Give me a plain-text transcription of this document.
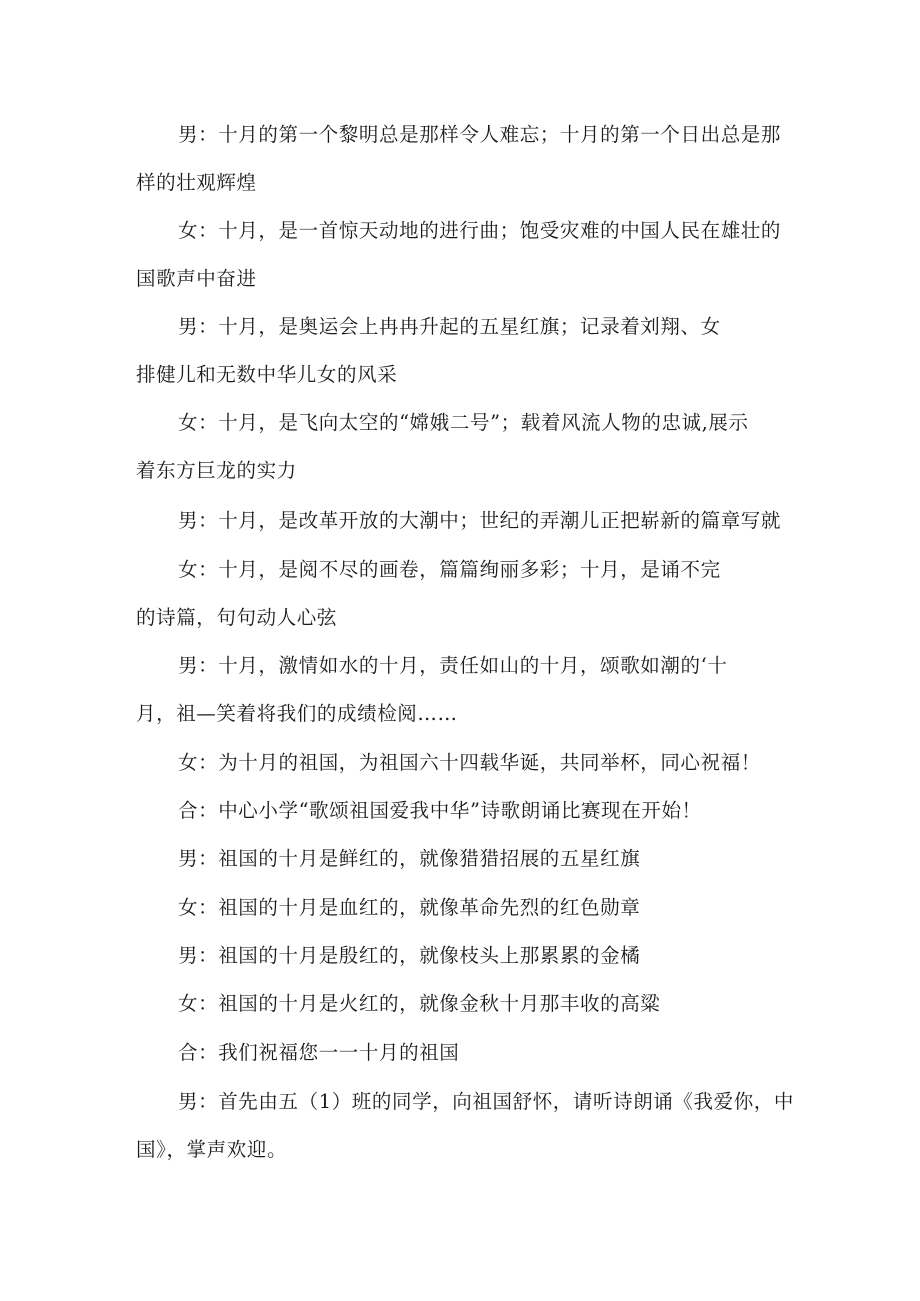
男：十月的第一个黎明总是那样令人难忘；十月的第一个日出总是那
样的壮观辉煌

女：十月，是一首惊天动地的进行曲；饱受灾难的中国人民在雄壮的
国歌声中奋进

男：十月，是奥运会上冉冉升起的五星红旗；记录着刘翔、女
排健儿和无数中华儿女的风采

女：十月，是飞向太空的“嫦娥二号”；载着风流人物的忠诚,展示
着东方巨龙的实力

男：十月，是改革开放的大潮中；世纪的弄潮儿正把崭新的篇章写就

女：十月，是阅不尽的画卷，篇篇绚丽多彩；十月，是诵不完
的诗篇，句句动人心弦

男：十月，激情如水的十月，责任如山的十月，颂歌如潮的‘十
月，祖—笑着将我们的成绩检阅……

女：为十月的祖国，为祖国六十四载华诞，共同举杯，同心祝福！

合：中心小学“歌颂祖国爱我中华”诗歌朗诵比赛现在开始！

男：祖国的十月是鲜红的，就像猎猎招展的五星红旗

女：祖国的十月是血红的，就像革命先烈的红色勋章

男：祖国的十月是殷红的，就像枝头上那累累的金橘

女：祖国的十月是火红的，就像金秋十月那丰收的高粱

合：我们祝福您一一十月的祖国

男：首先由五（1）班的同学，向祖国舒怀，请听诗朗诵《我爱你，中
国》，掌声欢迎。
